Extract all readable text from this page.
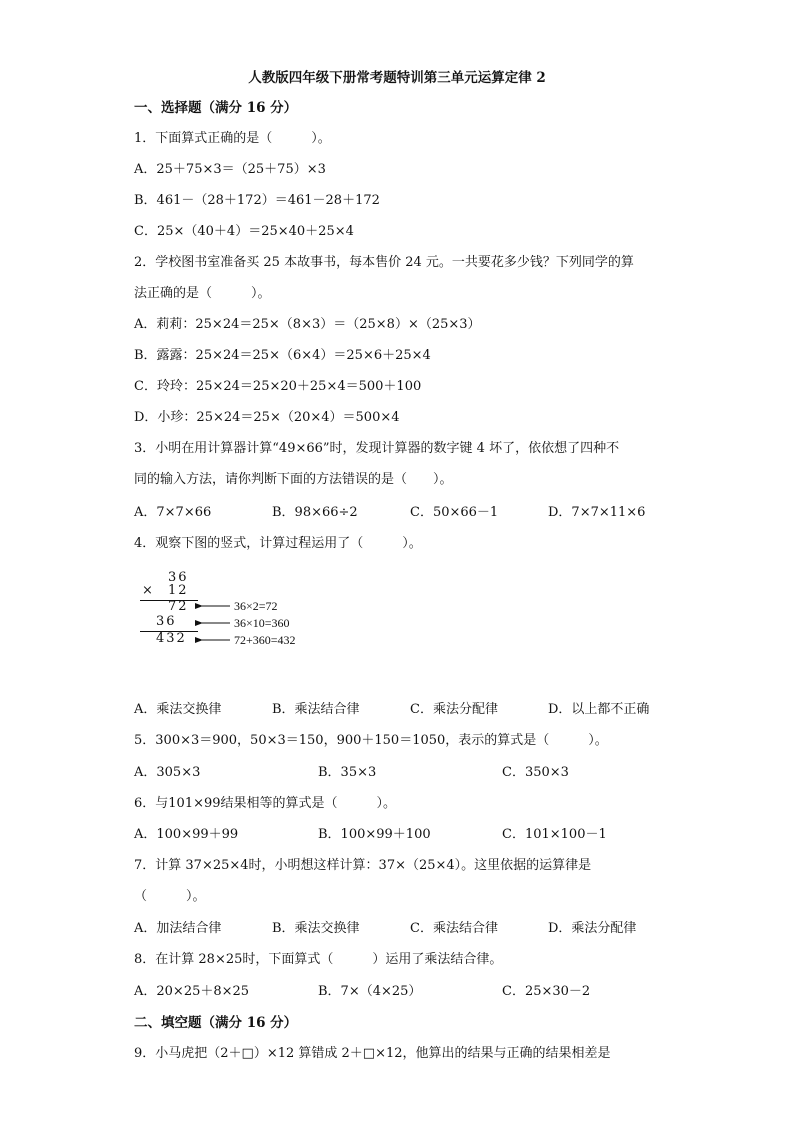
人教版四年级下册常考题特训第三单元运算定律 2
一、选择题（满分 16 分）
1．下面算式正确的是（　　　）。
A．25＋75×3＝（25＋75）×3
B．461－（28＋172）＝461－28＋172
C．25×（40＋4）＝25×40＋25×4
2．学校图书室准备买 25 本故事书，每本售价 24 元。一共要花多少钱？下列同学的算
法正确的是（　　　）。
A．莉莉：25×24＝25×（8×3）＝（25×8）×（25×3）
B．露露：25×24＝25×（6×4）＝25×6＋25×4
C．玲玲：25×24＝25×20＋25×4＝500＋100
D．小珍：25×24＝25×（20×4）＝500×4
3．小明在用计算器计算“49×66”时，发现计算器的数字键 4 坏了，依依想了四种不
同的输入方法，请你判断下面的方法错误的是（　　）。
A．7×7×66	B．98×66÷2	C．50×66－1	D．7×7×11×6
4．观察下图的竖式，计算过程运用了（　　　）。
36
× 12
72
36
432
36×2=72
36×10=360
72+360=432
A．乘法交换律	B．乘法结合律	C．乘法分配律	D．以上都不正确
5．300×3＝900，50×3＝150，900＋150＝1050，表示的算式是（　　　）。
A．305×3	B．35×3	C．350×3
6．与101×99结果相等的算式是（　　　）。
A．100×99＋99	B．100×99＋100	C．101×100－1
7．计算 37×25×4时，小明想这样计算：37×（25×4）。这里依据的运算律是
（　　　）。
A．加法结合律	B．乘法交换律	C．乘法结合律	D．乘法分配律
8．在计算 28×25时，下面算式（　　　）运用了乘法结合律。
A．20×25＋8×25	B．7×（4×25）	C．25×30－2
二、填空题（满分 16 分）
9．小马虎把（2＋□）×12 算错成 2＋□×12，他算出的结果与正确的结果相差是
